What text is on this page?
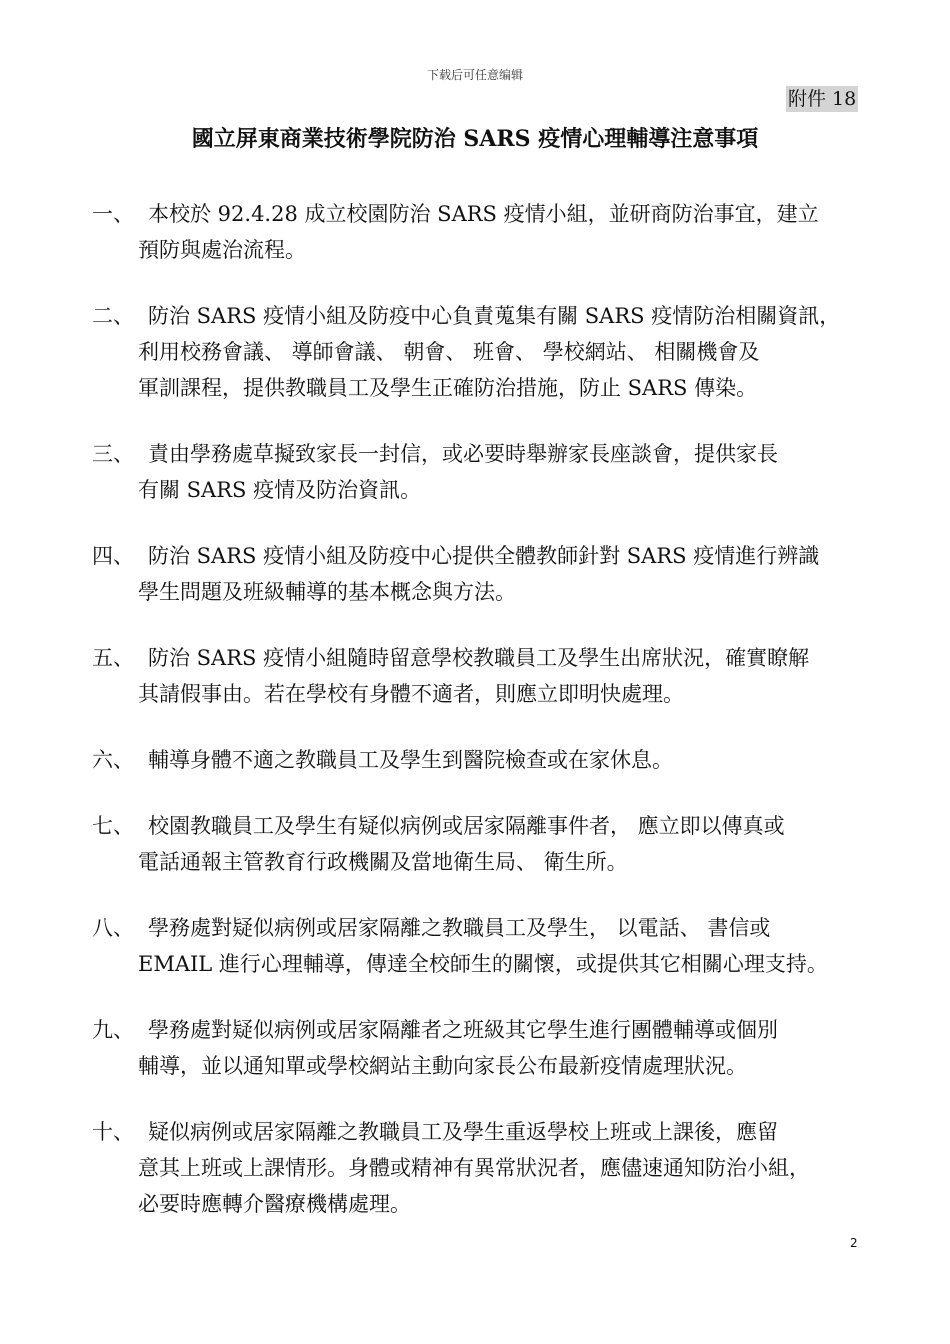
下载后可任意编辑
附件 18
國立屏東商業技術學院防治 SARS 疫情心理輔導注意事項
一、 本校於 92.4.28 成立校園防治 SARS 疫情小組，並研商防治事宜，建立
預防與處治流程。
二、 防治 SARS 疫情小組及防疫中心負責蒐集有關 SARS 疫情防治相關資訊，
利用校務會議、 導師會議、 朝會、 班會、 學校網站、 相關機會及
軍訓課程，提供教職員工及學生正確防治措施，防止 SARS 傳染。
三、 責由學務處草擬致家長一封信，或必要時舉辦家長座談會，提供家長
有關 SARS 疫情及防治資訊。
四、 防治 SARS 疫情小組及防疫中心提供全體教師針對 SARS 疫情進行辨識
學生問題及班級輔導的基本概念與方法。
五、 防治 SARS 疫情小組隨時留意學校教職員工及學生出席狀況，確實瞭解
其請假事由。若在學校有身體不適者，則應立即明快處理。
六、 輔導身體不適之教職員工及學生到醫院檢查或在家休息。
七、 校園教職員工及學生有疑似病例或居家隔離事件者， 應立即以傳真或
電話通報主管教育行政機關及當地衛生局、 衛生所。
八、 學務處對疑似病例或居家隔離之教職員工及學生， 以電話、 書信或
EMAIL 進行心理輔導，傳達全校師生的關懷，或提供其它相關心理支持。
九、 學務處對疑似病例或居家隔離者之班級其它學生進行團體輔導或個別
輔導，並以通知單或學校網站主動向家長公布最新疫情處理狀況。
十、 疑似病例或居家隔離之教職員工及學生重返學校上班或上課後，應留
意其上班或上課情形。身體或精神有異常狀況者，應儘速通知防治小組，
必要時應轉介醫療機構處理。
2
